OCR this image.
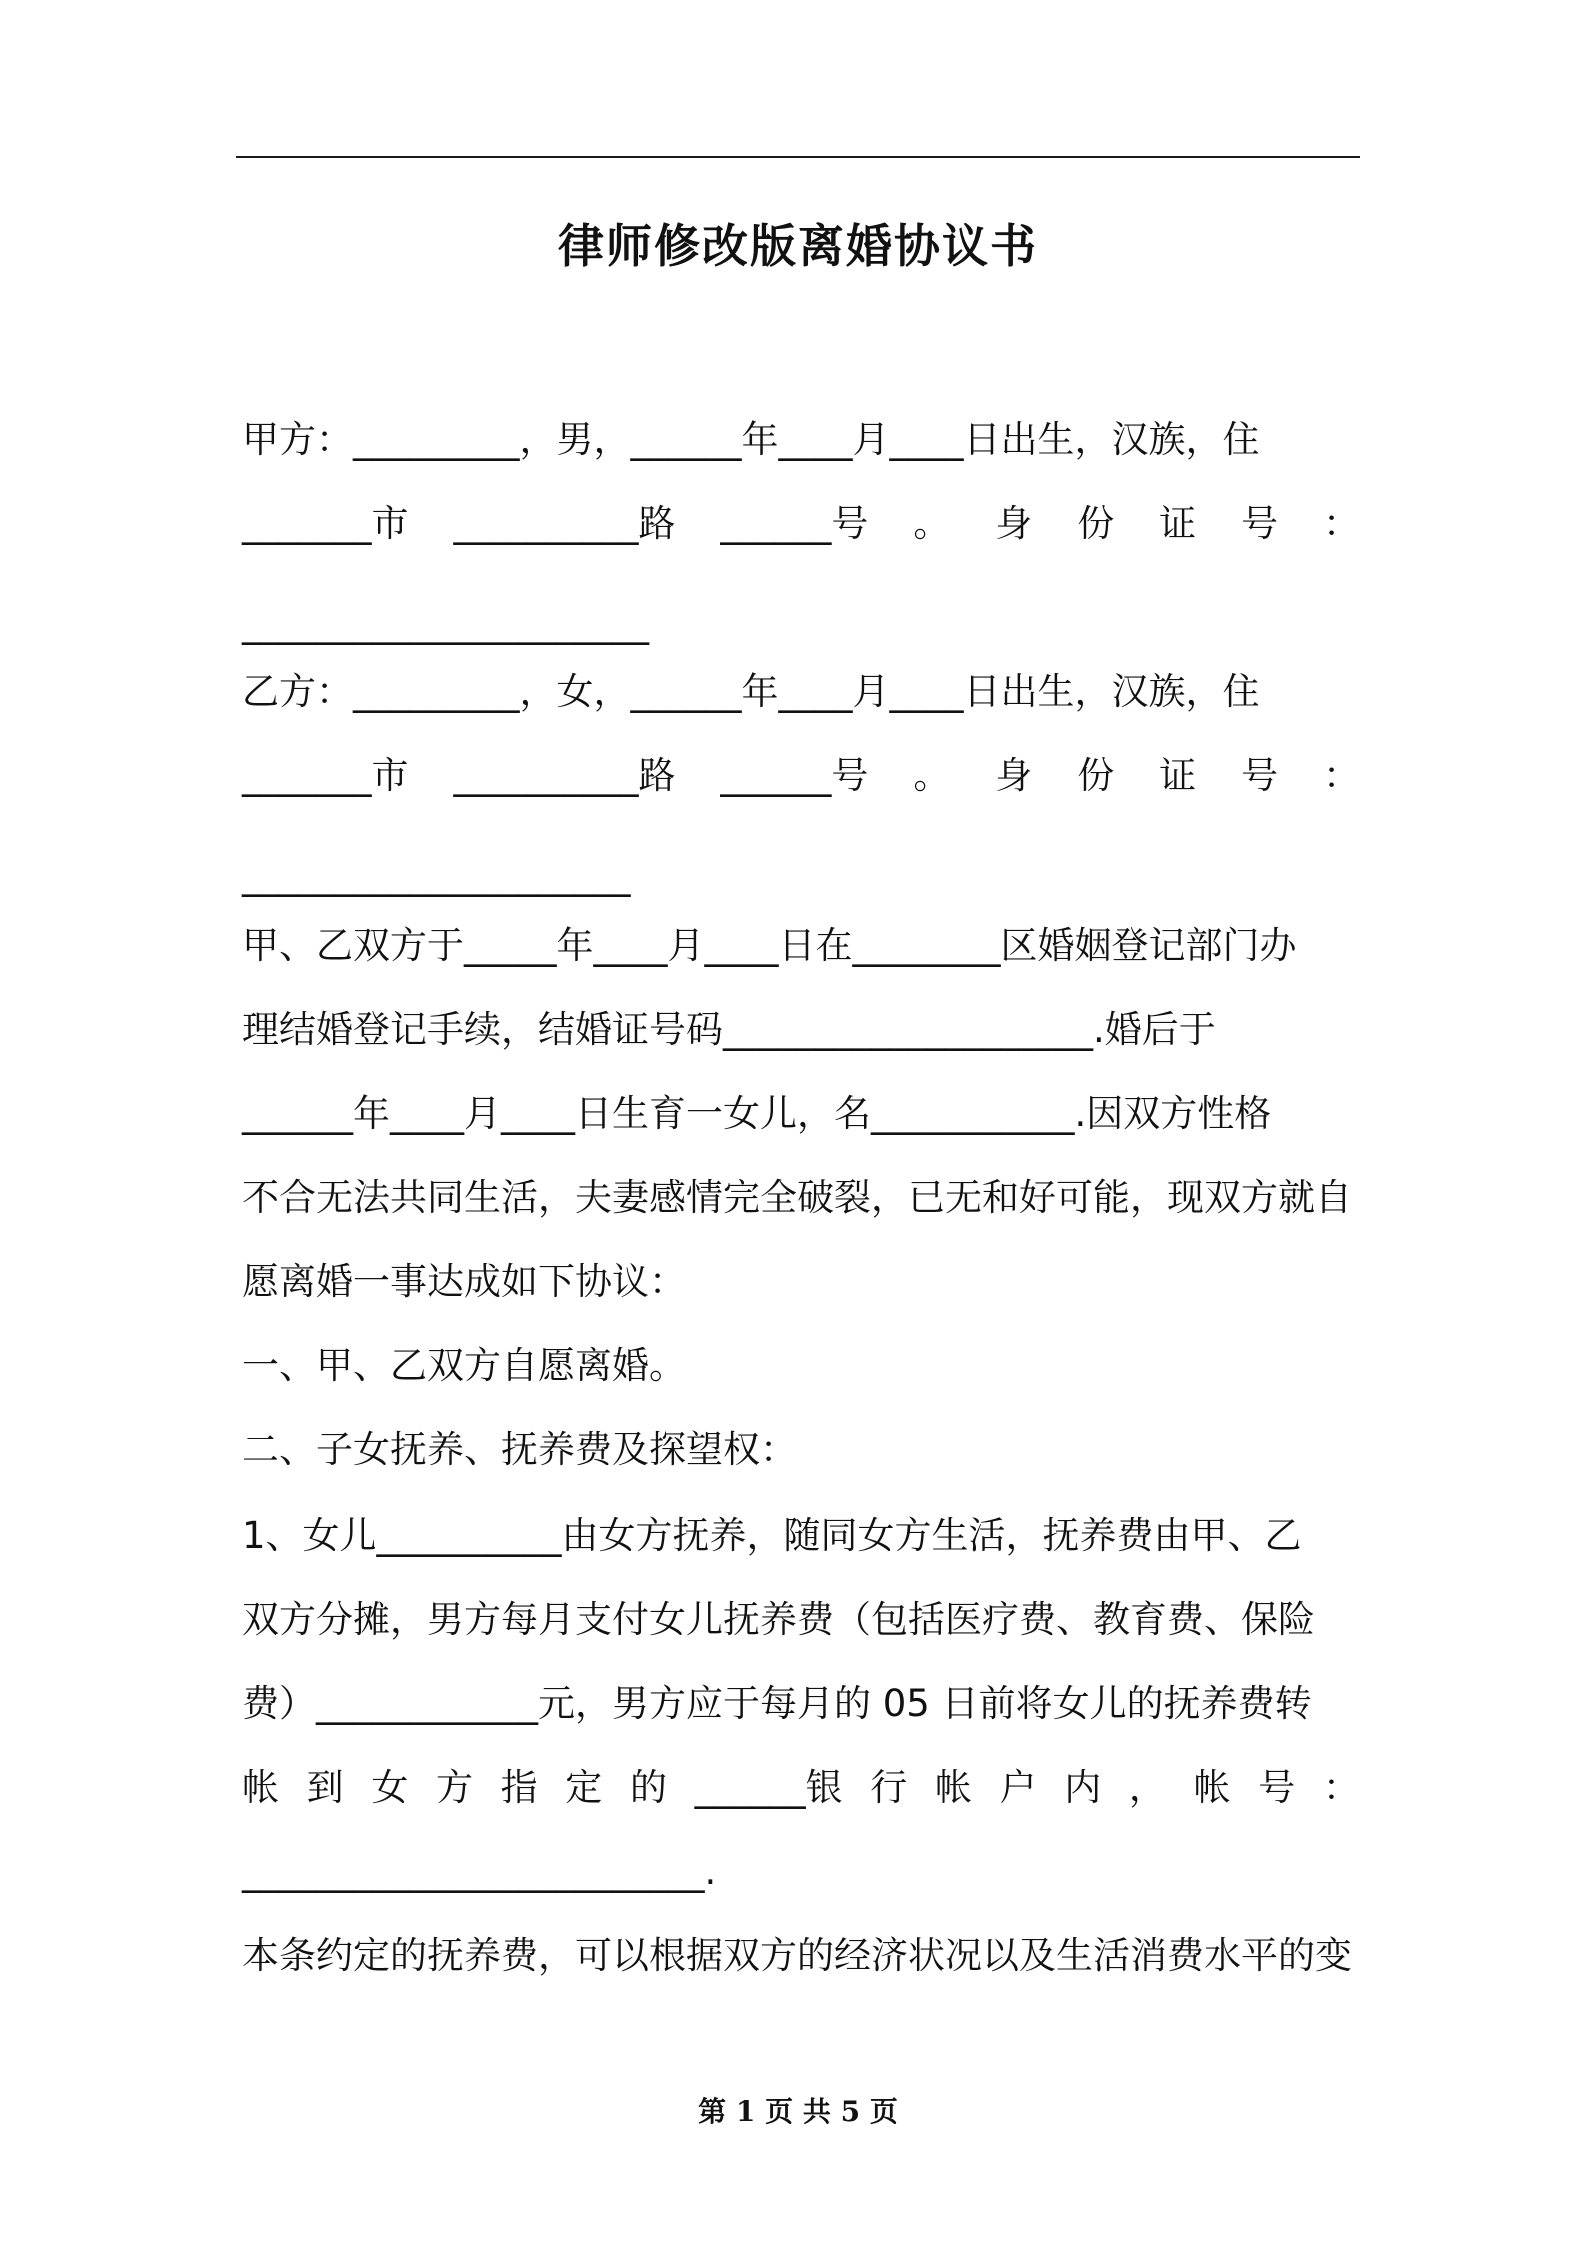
律师修改版离婚协议书
甲方：_________，男，______年____月____日出生，汉族，住
_______市 __________路 ______号 。 身 份 证 号 ：
______________________
乙方：_________，女，______年____月____日出生，汉族，住
_______市 __________路 ______号 。 身 份 证 号 ：
_____________________
甲、乙双方于_____年____月____日在________区婚姻登记部门办
理结婚登记手续，结婚证号码____________________.婚后于
______年____月____日生育一女儿，名___________.因双方性格
不合无法共同生活，夫妻感情完全破裂，已无和好可能，现双方就自
愿离婚一事达成如下协议：
一、甲、乙双方自愿离婚。
二、子女抚养、抚养费及探望权：
1、女儿__________由女方抚养，随同女方生活，抚养费由甲、乙
双方分摊，男方每月支付女儿抚养费（包括医疗费、教育费、保险
费）____________元，男方应于每月的 05 日前将女儿的抚养费转
帐 到 女 方 指 定 的 ______银 行 帐 户 内 ， 帐 号 ：
_________________________.
本条约定的抚养费，可以根据双方的经济状况以及生活消费水平的变
第 1 页 共 5 页
